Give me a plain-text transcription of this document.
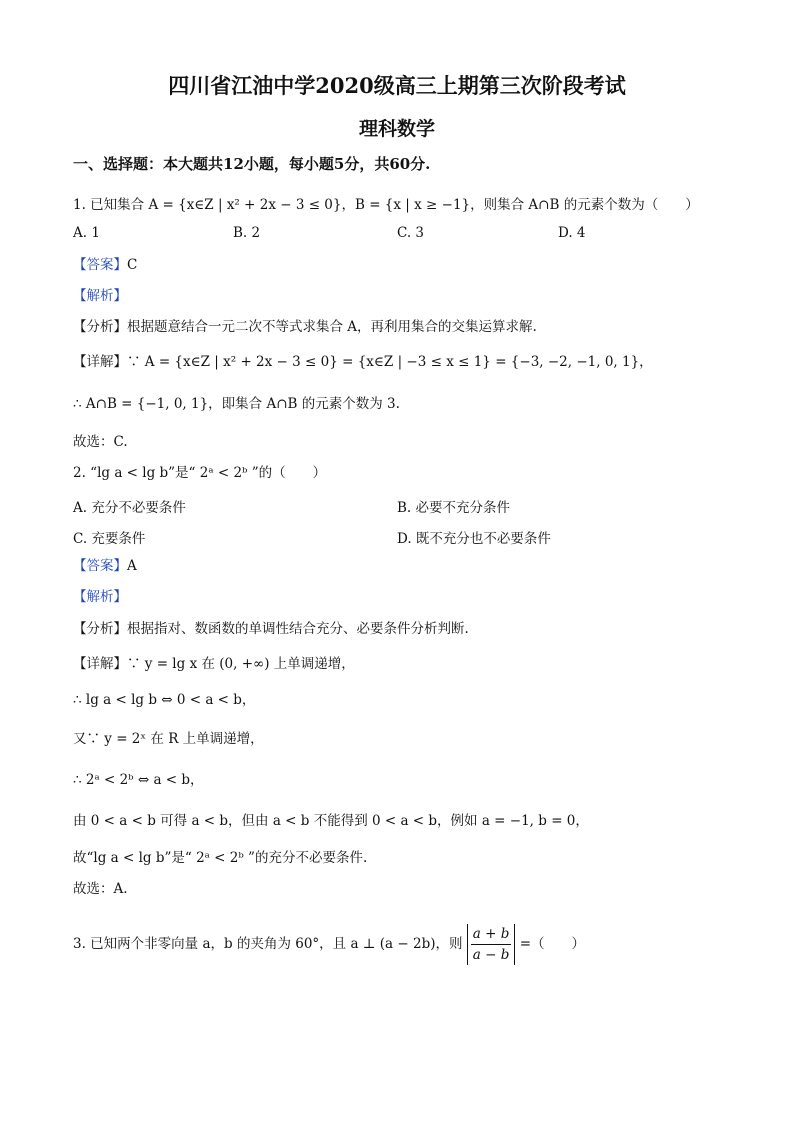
四川省江油中学2020级高三上期第三次阶段考试
理科数学
一、选择题：本大题共12小题，每小题5分，共60分.
1. 已知集合 A = {x∈Z | x² + 2x − 3 ≤ 0}，B = {x | x ≥ −1}，则集合 A∩B 的元素个数为（　　）
A. 1	B. 2	C. 3	D. 4
【答案】C
【解析】
【分析】根据题意结合一元二次不等式求集合 A，再利用集合的交集运算求解.
【详解】∵ A = {x∈Z | x² + 2x − 3 ≤ 0} = {x∈Z | −3 ≤ x ≤ 1} = {−3, −2, −1, 0, 1}，
∴ A∩B = {−1, 0, 1}，即集合 A∩B 的元素个数为 3.
故选：C.
2. “lg a < lg b”是“ 2ᵃ < 2ᵇ ”的（　　）
A. 充分不必要条件	B. 必要不充分条件
C. 充要条件	D. 既不充分也不必要条件
【答案】A
【解析】
【分析】根据指对、数函数的单调性结合充分、必要条件分析判断.
【详解】∵ y = lg x 在 (0, +∞) 上单调递增，
∴ lg a < lg b ⇔ 0 < a < b，
又∵ y = 2ˣ 在 R 上单调递增，
∴ 2ᵃ < 2ᵇ ⇔ a < b，
由 0 < a < b 可得 a < b，但由 a < b 不能得到 0 < a < b，例如 a = −1, b = 0，
故“lg a < lg b”是“ 2ᵃ < 2ᵇ ”的充分不必要条件.
故选：A.
3. 已知两个非零向量 a，b 的夹角为 60°，且 a ⊥ (a − 2b)，则 $\frac{a + b}{a - b}$ =（　　）
